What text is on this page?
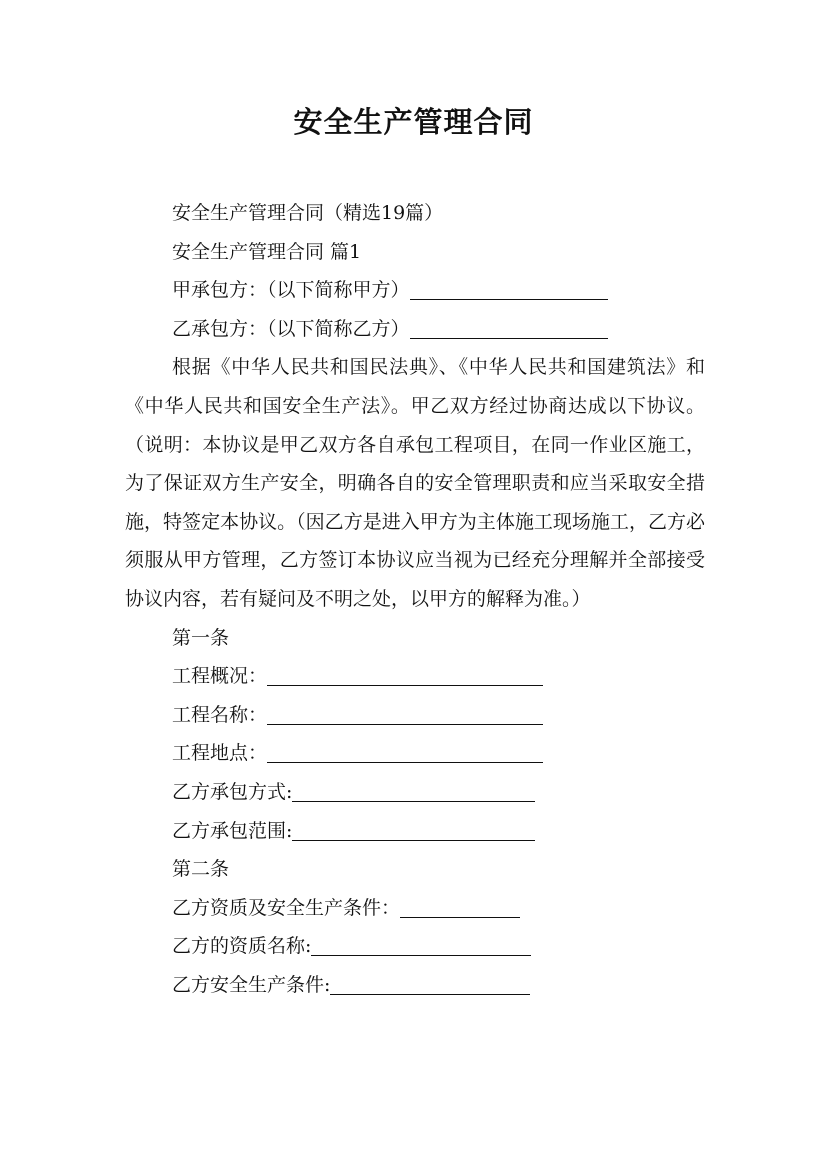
安全生产管理合同

安全生产管理合同（精选19篇）

安全生产管理合同 篇1

甲承包方：（以下简称甲方）

乙承包方：（以下简称乙方）

根据《中华人民共和国民法典》、《中华人民共和国建筑法》和《中华人民共和国安全生产法》。甲乙双方经过协商达成以下协议。（说明：本协议是甲乙双方各自承包工程项目，在同一作业区施工，为了保证双方生产安全，明确各自的安全管理职责和应当采取安全措施，特签定本协议。（因乙方是进入甲方为主体施工现场施工，乙方必须服从甲方管理，乙方签订本协议应当视为已经充分理解并全部接受协议内容，若有疑问及不明之处，以甲方的解释为准。）

第一条

工程概况：

工程名称：

工程地点：

乙方承包方式:

乙方承包范围:

第二条

乙方资质及安全生产条件：

乙方的资质名称:

乙方安全生产条件:
